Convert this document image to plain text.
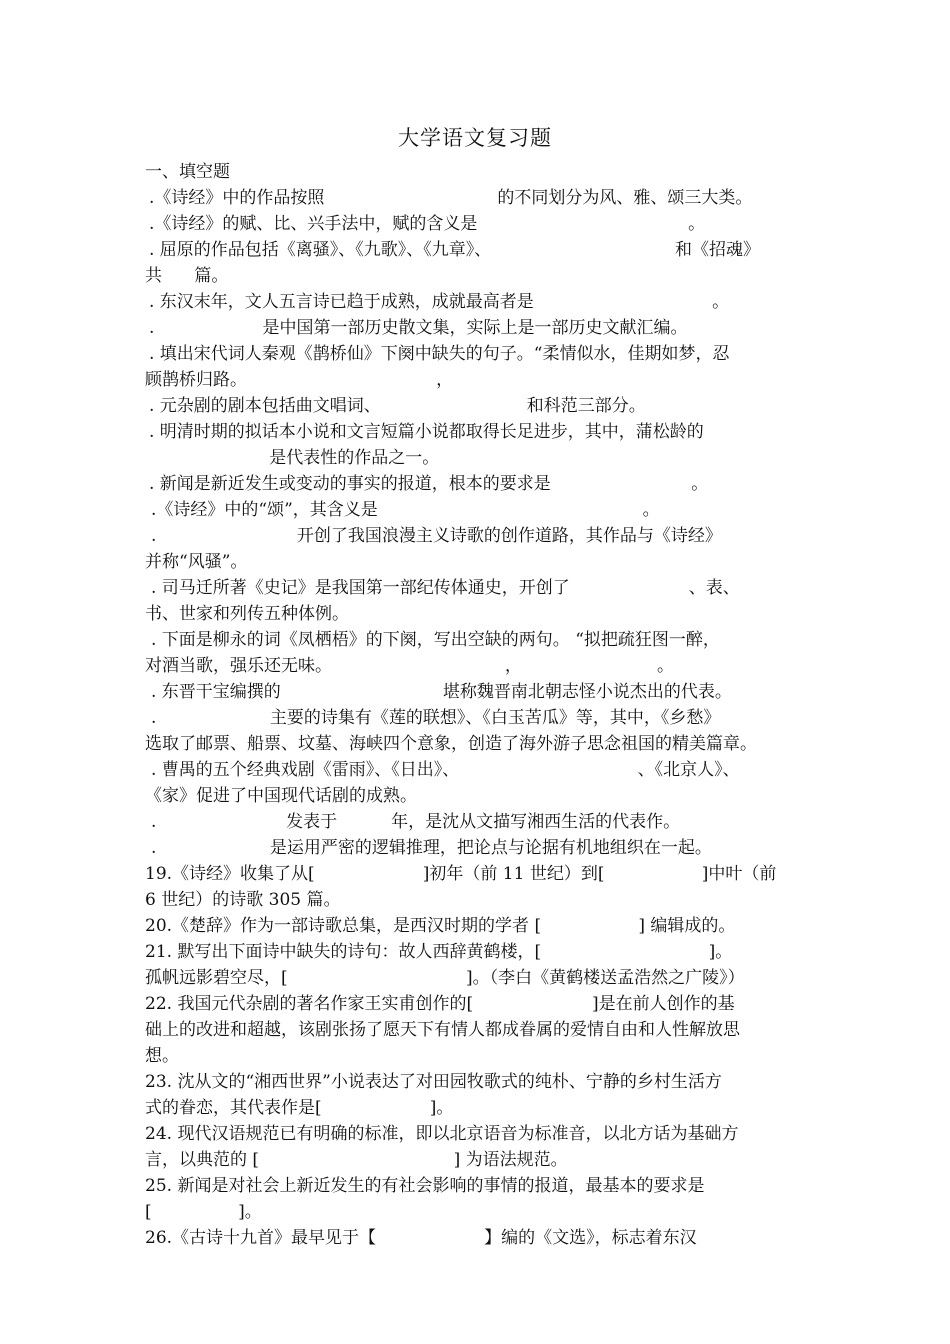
大学语文复习题
一、填空题
.《诗经》中的作品按照                                的不同划分为风、雅、颂三大类。
.《诗经》的赋、比、兴手法中，赋的含义是                                       。
. 屈原的作品包括《离骚》、《九歌》、《九章》、                                  和《招魂》
共      篇。
. 东汉末年，文人五言诗已趋于成熟，成就最高者是                                 。
.                    是中国第一部历史散文集，实际上是一部历史文献汇编。
. 填出宋代词人秦观《鹊桥仙》下阕中缺失的句子。“柔情似水，佳期如梦，忍
顾鹊桥归路。                                   ，
. 元杂剧的剧本包括曲文唱词、                           和科范三部分。
. 明清时期的拟话本小说和文言短篇小说都取得长足进步，其中，蒲松龄的
是代表性的作品之一。
. 新闻是新近发生或变动的事实的报道，根本的要求是                          。
.《诗经》中的“颂”，其含义是                                                 。
.                          开创了我国浪漫主义诗歌的创作道路，其作品与《诗经》
并称“风骚”。
. 司马迁所著《史记》是我国第一部纪传体通史，开创了                      、表、
书、世家和列传五种体例。
. 下面是柳永的词《凤栖梧》的下阕，写出空缺的两句。 “拟把疏狂图一醉，
对酒当歌，强乐还无味。                                ，                         。
. 东晋干宝编撰的                              堪称魏晋南北朝志怪小说杰出的代表。
.                     主要的诗集有《莲的联想》、《白玉苦瓜》等，其中，《乡愁》
选取了邮票、船票、坟墓、海峡四个意象，创造了海外游子思念祖国的精美篇章。
. 曹禺的五个经典戏剧《雷雨》、《日出》、                                 、《北京人》、
《家》促进了中国现代话剧的成熟。
.                        发表于          年，是沈从文描写湘西生活的代表作。
.                     是运用严密的逻辑推理，把论点与论据有机地组织在一起。
19.《诗经》收集了从[                    ]初年（前 11 世纪）到[                  ]中叶（前
6 世纪）的诗歌 305 篇。
20.《楚辞》作为一部诗歌总集，是西汉时期的学者 [                  ] 编辑成的。
21. 默写出下面诗中缺失的诗句：故人西辞黄鹤楼，[                               ]。
孤帆远影碧空尽，[                                 ]。（李白《黄鹤楼送孟浩然之广陵》）
22. 我国元代杂剧的著名作家王实甫创作的[                      ]是在前人创作的基
础上的改进和超越，该剧张扬了愿天下有情人都成眷属的爱情自由和人性解放思
想。
23. 沈从文的“湘西世界”小说表达了对田园牧歌式的纯朴、宁静的乡村生活方
式的眷恋，其代表作是[                    ]。
24. 现代汉语规范已有明确的标准，即以北京语音为标准音，以北方话为基础方
言，以典范的 [                                    ] 为语法规范。
25. 新闻是对社会上新近发生的有社会影响的事情的报道，最基本的要求是
[                ]。
26.《古诗十九首》最早见于【                    】编的《文选》，标志着东汉
